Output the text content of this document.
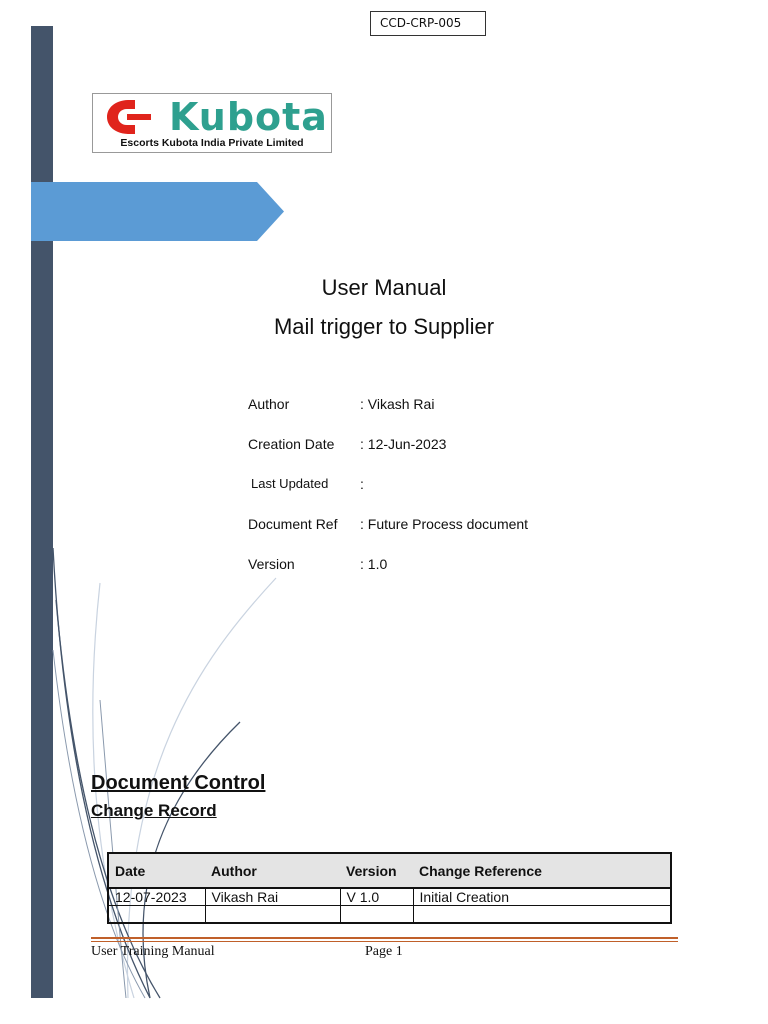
CCD-CRP-005
Kubota
Escorts Kubota India Private Limited
User Manual
Mail trigger to Supplier
Author	: Vikash Rai
Creation Date : 12-Jun-2023
Last Updated :
Document Ref : Future Process document
Version	: 1.0
Document Control
Change Record
Date	Author	Version	Change Reference
12-07-2023	Vikash Rai	V 1.0	Initial Creation

User Training Manual	Page 1
